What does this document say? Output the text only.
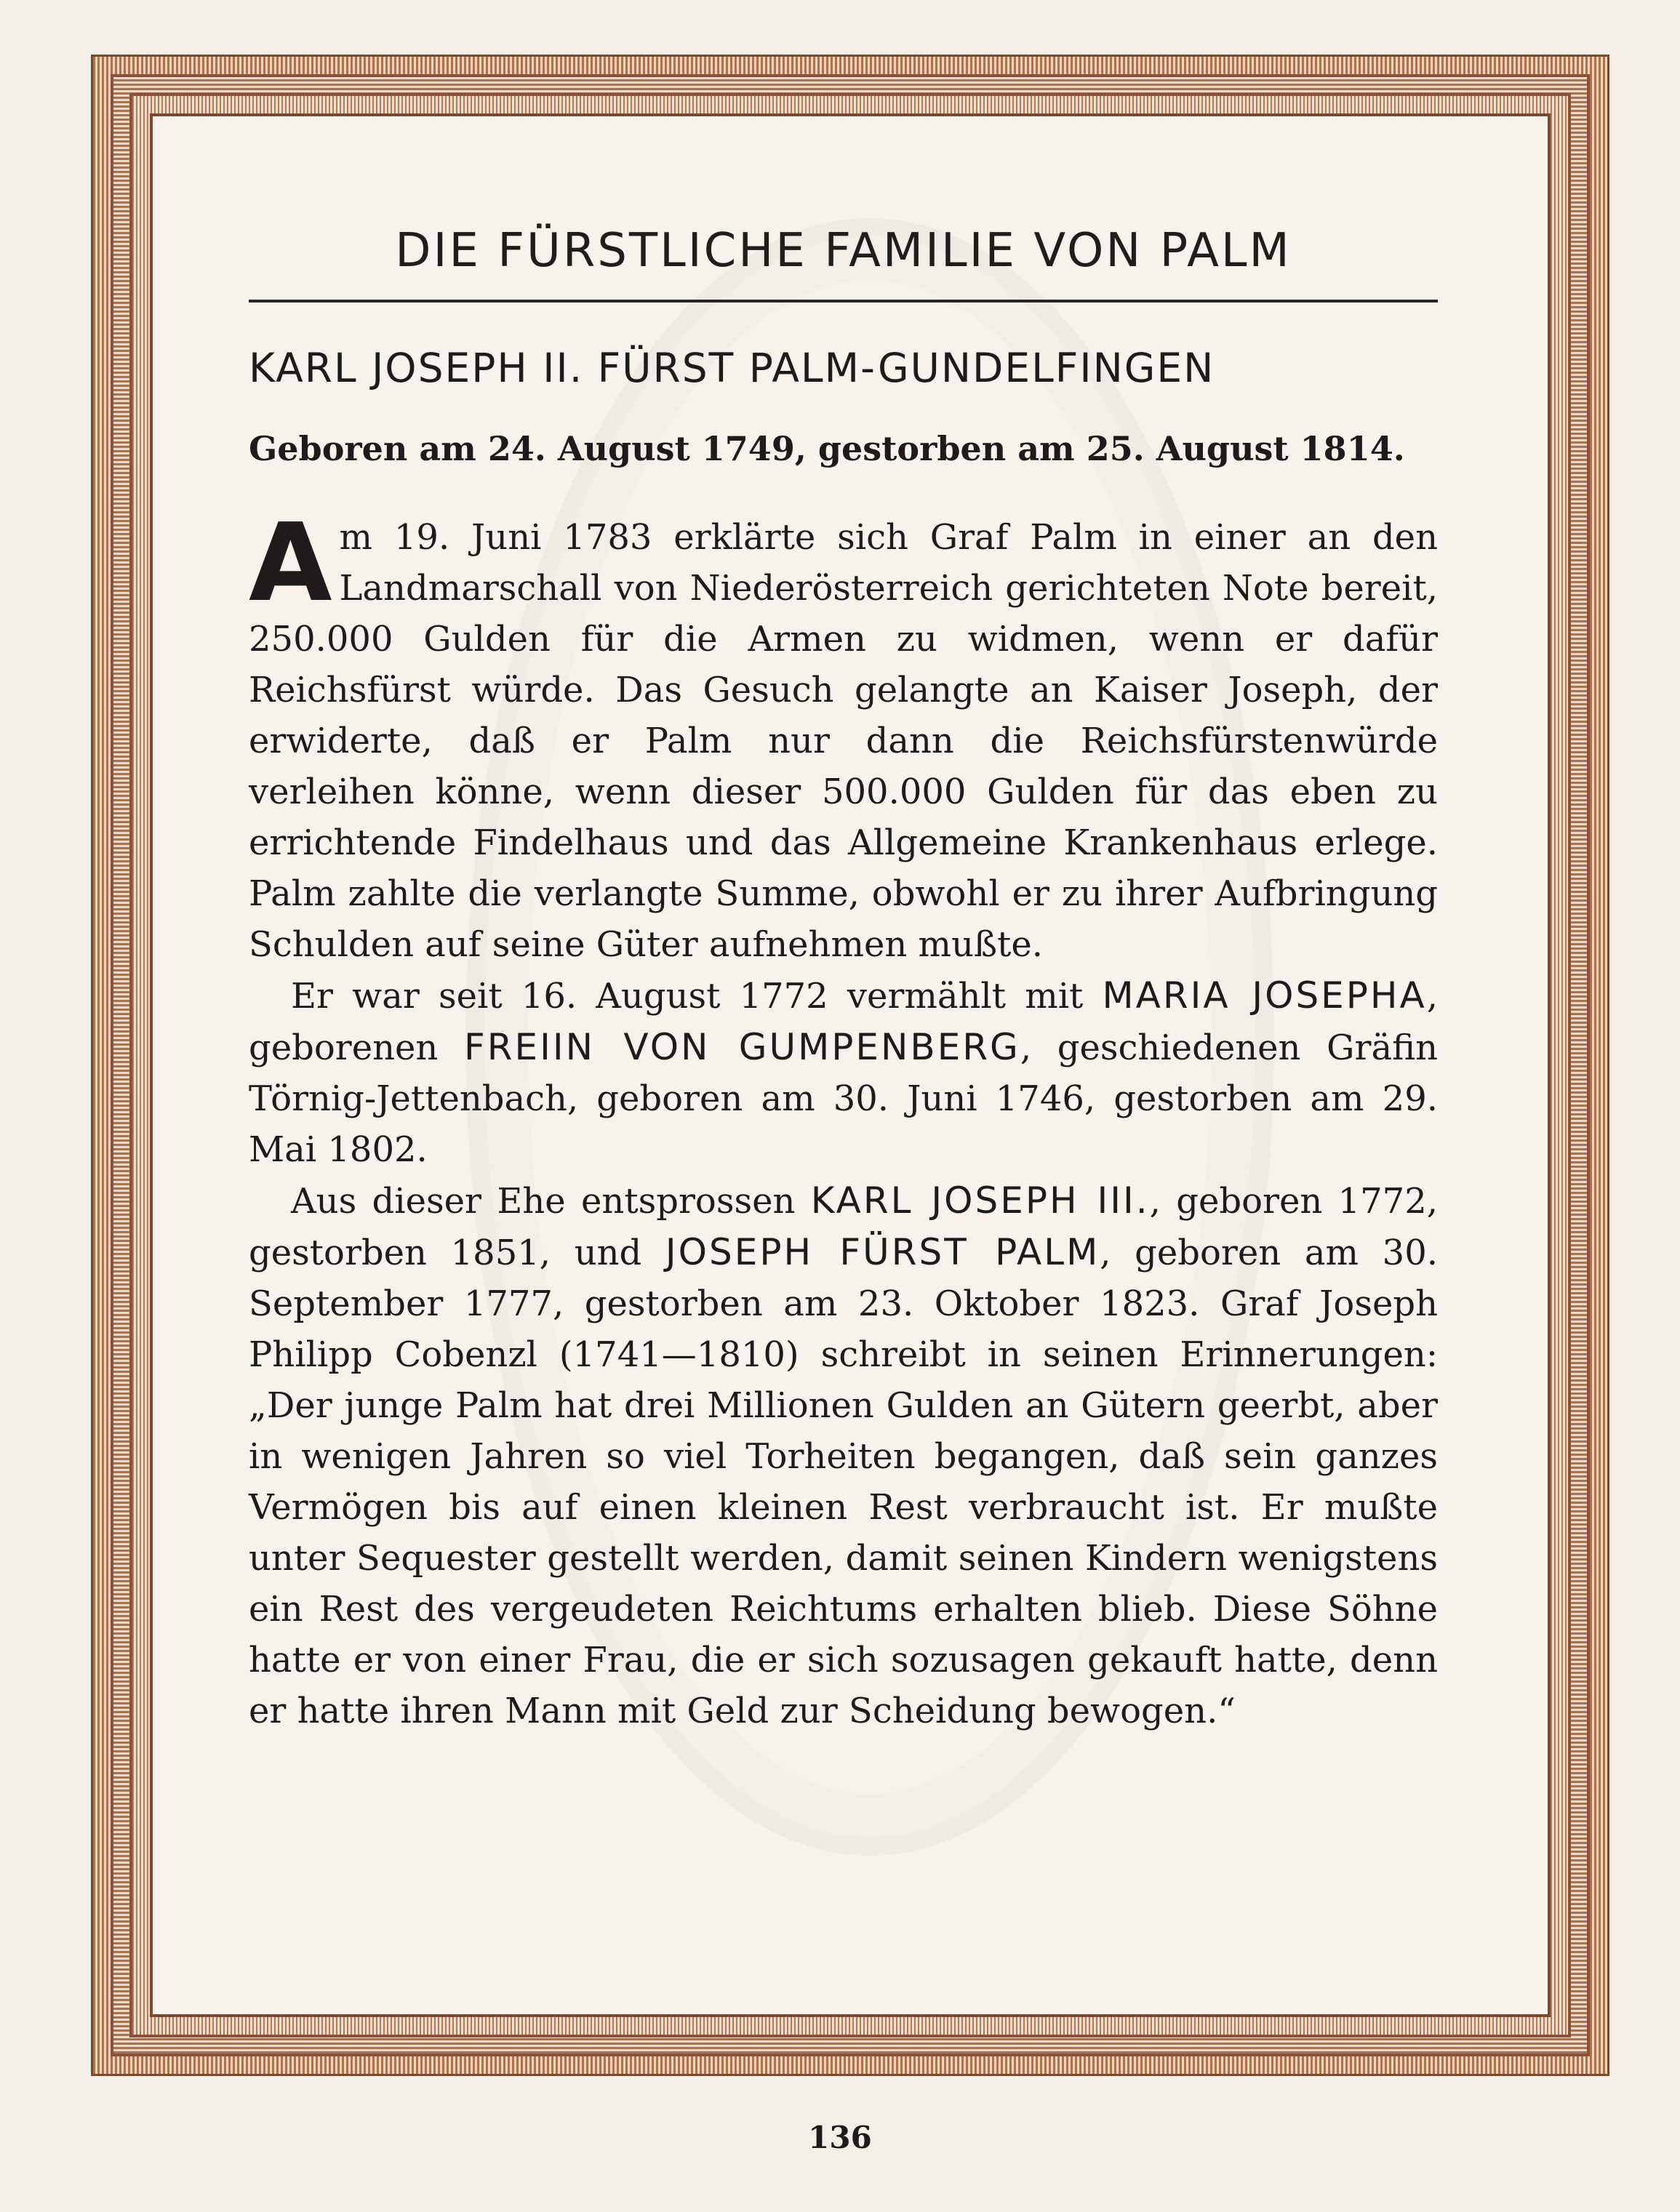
DIE FÜRSTLICHE FAMILIE VON PALM
KARL JOSEPH II. FÜRST PALM-GUNDELFINGEN
Geboren am 24. August 1749, gestorben am 25. August 1814.

Am 19. Juni 1783 erklärte sich Graf Palm in einer an den Landmarschall von Niederösterreich gerichteten Note bereit, 250.000 Gulden für die Armen zu widmen, wenn er dafür Reichsfürst würde. Das Gesuch gelangte an Kaiser Joseph, der erwiderte, daß er Palm nur dann die Reichsfürstenwürde verleihen könne, wenn dieser 500.000 Gulden für das eben zu errichtende Findelhaus und das Allgemeine Krankenhaus erlege. Palm zahlte die verlangte Summe, obwohl er zu ihrer Aufbringung Schulden auf seine Güter aufnehmen mußte.

Er war seit 16. August 1772 vermählt mit MARIA JOSEPHA, geborenen FREIIN VON GUMPENBERG, geschiedenen Gräfin Törnig-Jettenbach, geboren am 30. Juni 1746, gestorben am 29. Mai 1802.

Aus dieser Ehe entsprossen KARL JOSEPH III., geboren 1772, gestorben 1851, und JOSEPH FÜRST PALM, geboren am 30. September 1777, gestorben am 23. Oktober 1823. Graf Joseph Philipp Cobenzl (1741—1810) schreibt in seinen Erinnerungen: „Der junge Palm hat drei Millionen Gulden an Gütern geerbt, aber in wenigen Jahren so viel Torheiten begangen, daß sein ganzes Vermögen bis auf einen kleinen Rest verbraucht ist. Er mußte unter Sequester gestellt werden, damit seinen Kindern wenigstens ein Rest des vergeudeten Reichtums erhalten blieb. Diese Söhne hatte er von einer Frau, die er sich sozusagen gekauft hatte, denn er hatte ihren Mann mit Geld zur Scheidung bewogen.“

136
